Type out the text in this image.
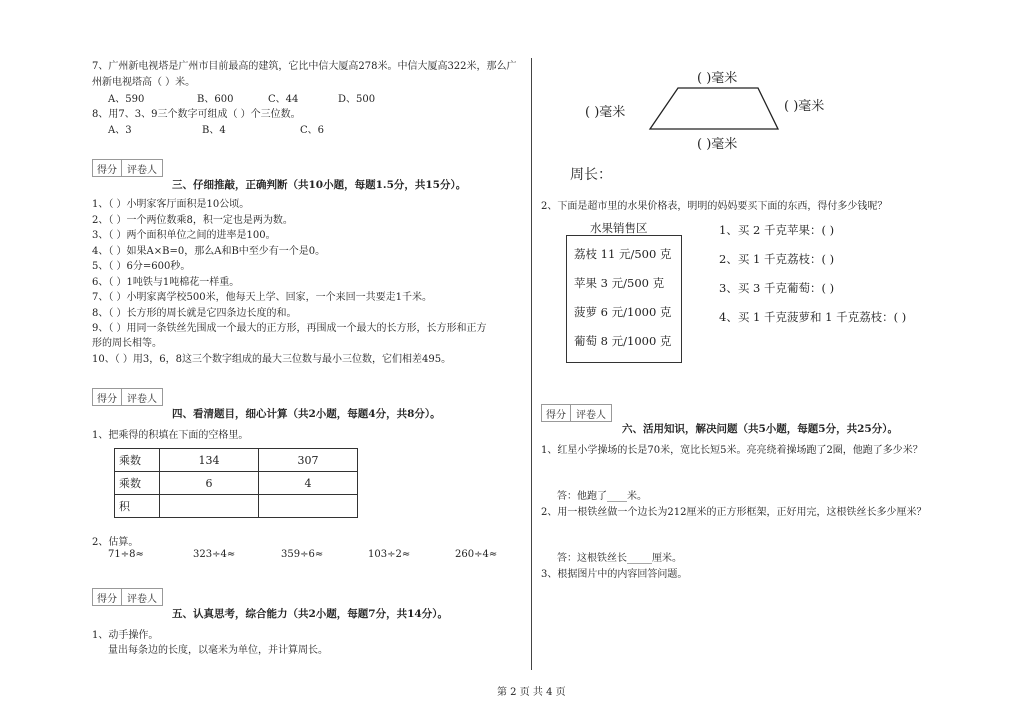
7、广州新电视塔是广州市目前最高的建筑，它比中信大厦高278米。中信大厦高322米，那么广
州新电视塔高（ ）米。
A、590	B、600	C、44	D、500
8、用7、3、9三个数字可组成（ ）个三位数。
A、3	B、4	C、6
得分	评卷人
三、仔细推敲，正确判断（共10小题，每题1.5分，共15分）。
1、（ ）小明家客厅面积是10公顷。
2、（ ）一个两位数乘8，积一定也是两为数。
3、（ ）两个面积单位之间的进率是100。
4、（ ）如果A×B=0，那么A和B中至少有一个是0。
5、（ ）6分=600秒。
6、（ ）1吨铁与1吨棉花一样重。
7、（ ）小明家离学校500米，他每天上学、回家，一个来回一共要走1千米。
8、（ ）长方形的周长就是它四条边长度的和。
9、（ ）用同一条铁丝先围成一个最大的正方形，再围成一个最大的长方形，长方形和正方
形的周长相等。
10、（ ）用3，6，8这三个数字组成的最大三位数与最小三位数，它们相差495。
得分	评卷人
四、看清题目，细心计算（共2小题，每题4分，共8分）。
1、把乘得的积填在下面的空格里。
乘数	134	307
乘数	6	4
积		
2、估算。
71÷8≈	323÷4≈	359÷6≈	103÷2≈	260÷4≈
得分	评卷人
五、认真思考，综合能力（共2小题，每题7分，共14分）。
1、动手操作。
量出每条边的长度，以毫米为单位，并计算周长。
( )毫米
( )毫米	( )毫米
( )毫米
周长：
2、下面是超市里的水果价格表，明明的妈妈要买下面的东西，得付多少钱呢？
水果销售区
荔枝 11 元/500 克
苹果 3 元/500 克
菠萝 6 元/1000 克
葡萄 8 元/1000 克
1、买 2 千克苹果：( )
2、买 1 千克荔枝：( )
3、买 3 千克葡萄：( )
4、买 1 千克菠萝和 1 千克荔枝：( )
得分	评卷人
六、活用知识，解决问题（共5小题，每题5分，共25分）。
1、红星小学操场的长是70米，宽比长短5米。亮亮绕着操场跑了2圈，他跑了多少米？
答：他跑了____米。
2、用一根铁丝做一个边长为212厘米的正方形框架，正好用完，这根铁丝长多少厘米？
答：这根铁丝长_____厘米。
3、根据图片中的内容回答问题。
第 2 页 共 4 页
